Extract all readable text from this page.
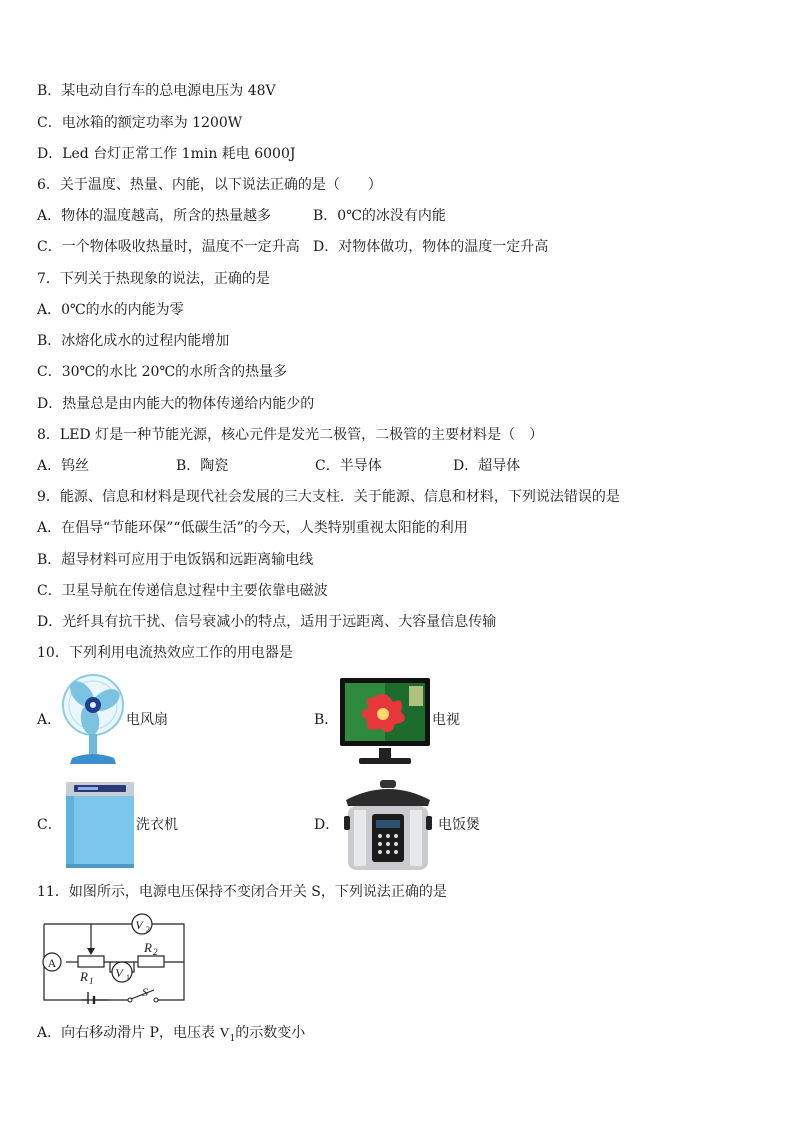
B．某电动自行车的总电源电压为 48V
C．电冰箱的额定功率为 1200W
D．Led 台灯正常工作 1min 耗电 6000J
6．关于温度、热量、内能，以下说法正确的是（　　）
A．物体的温度越高，所含的热量越多	B．0℃的冰没有内能
C．一个物体吸收热量时，温度不一定升高 D．对物体做功，物体的温度一定升高
7．下列关于热现象的说法，正确的是
A．0℃的水的内能为零
B．冰熔化成水的过程内能增加
C．30℃的水比 20℃的水所含的热量多
D．热量总是由内能大的物体传递给内能少的
8．LED 灯是一种节能光源，核心元件是发光二极管，二极管的主要材料是（　）
A．钨丝	B．陶瓷	C．半导体	D．超导体
9．能源、信息和材料是现代社会发展的三大支柱．关于能源、信息和材料，下列说法错误的是
A．在倡导“节能环保”“低碳生活”的今天，人类特别重视太阳能的利用
B．超导材料可应用于电饭锅和远距离输电线
C．卫星导航在传递信息过程中主要依靠电磁波
D．光纤具有抗干扰、信号衰减小的特点，适用于远距离、大容量信息传输
10．下列利用电流热效应工作的用电器是
A．	电风扇	B．	电视
C．	洗衣机	D．	电饭煲
11．如图所示，电源电压保持不变闭合开关 S，下列说法正确的是
A
V 2
V 1
R 1
R 2
S
A．向右移动滑片 P，电压表 $V_1$的示数变小
